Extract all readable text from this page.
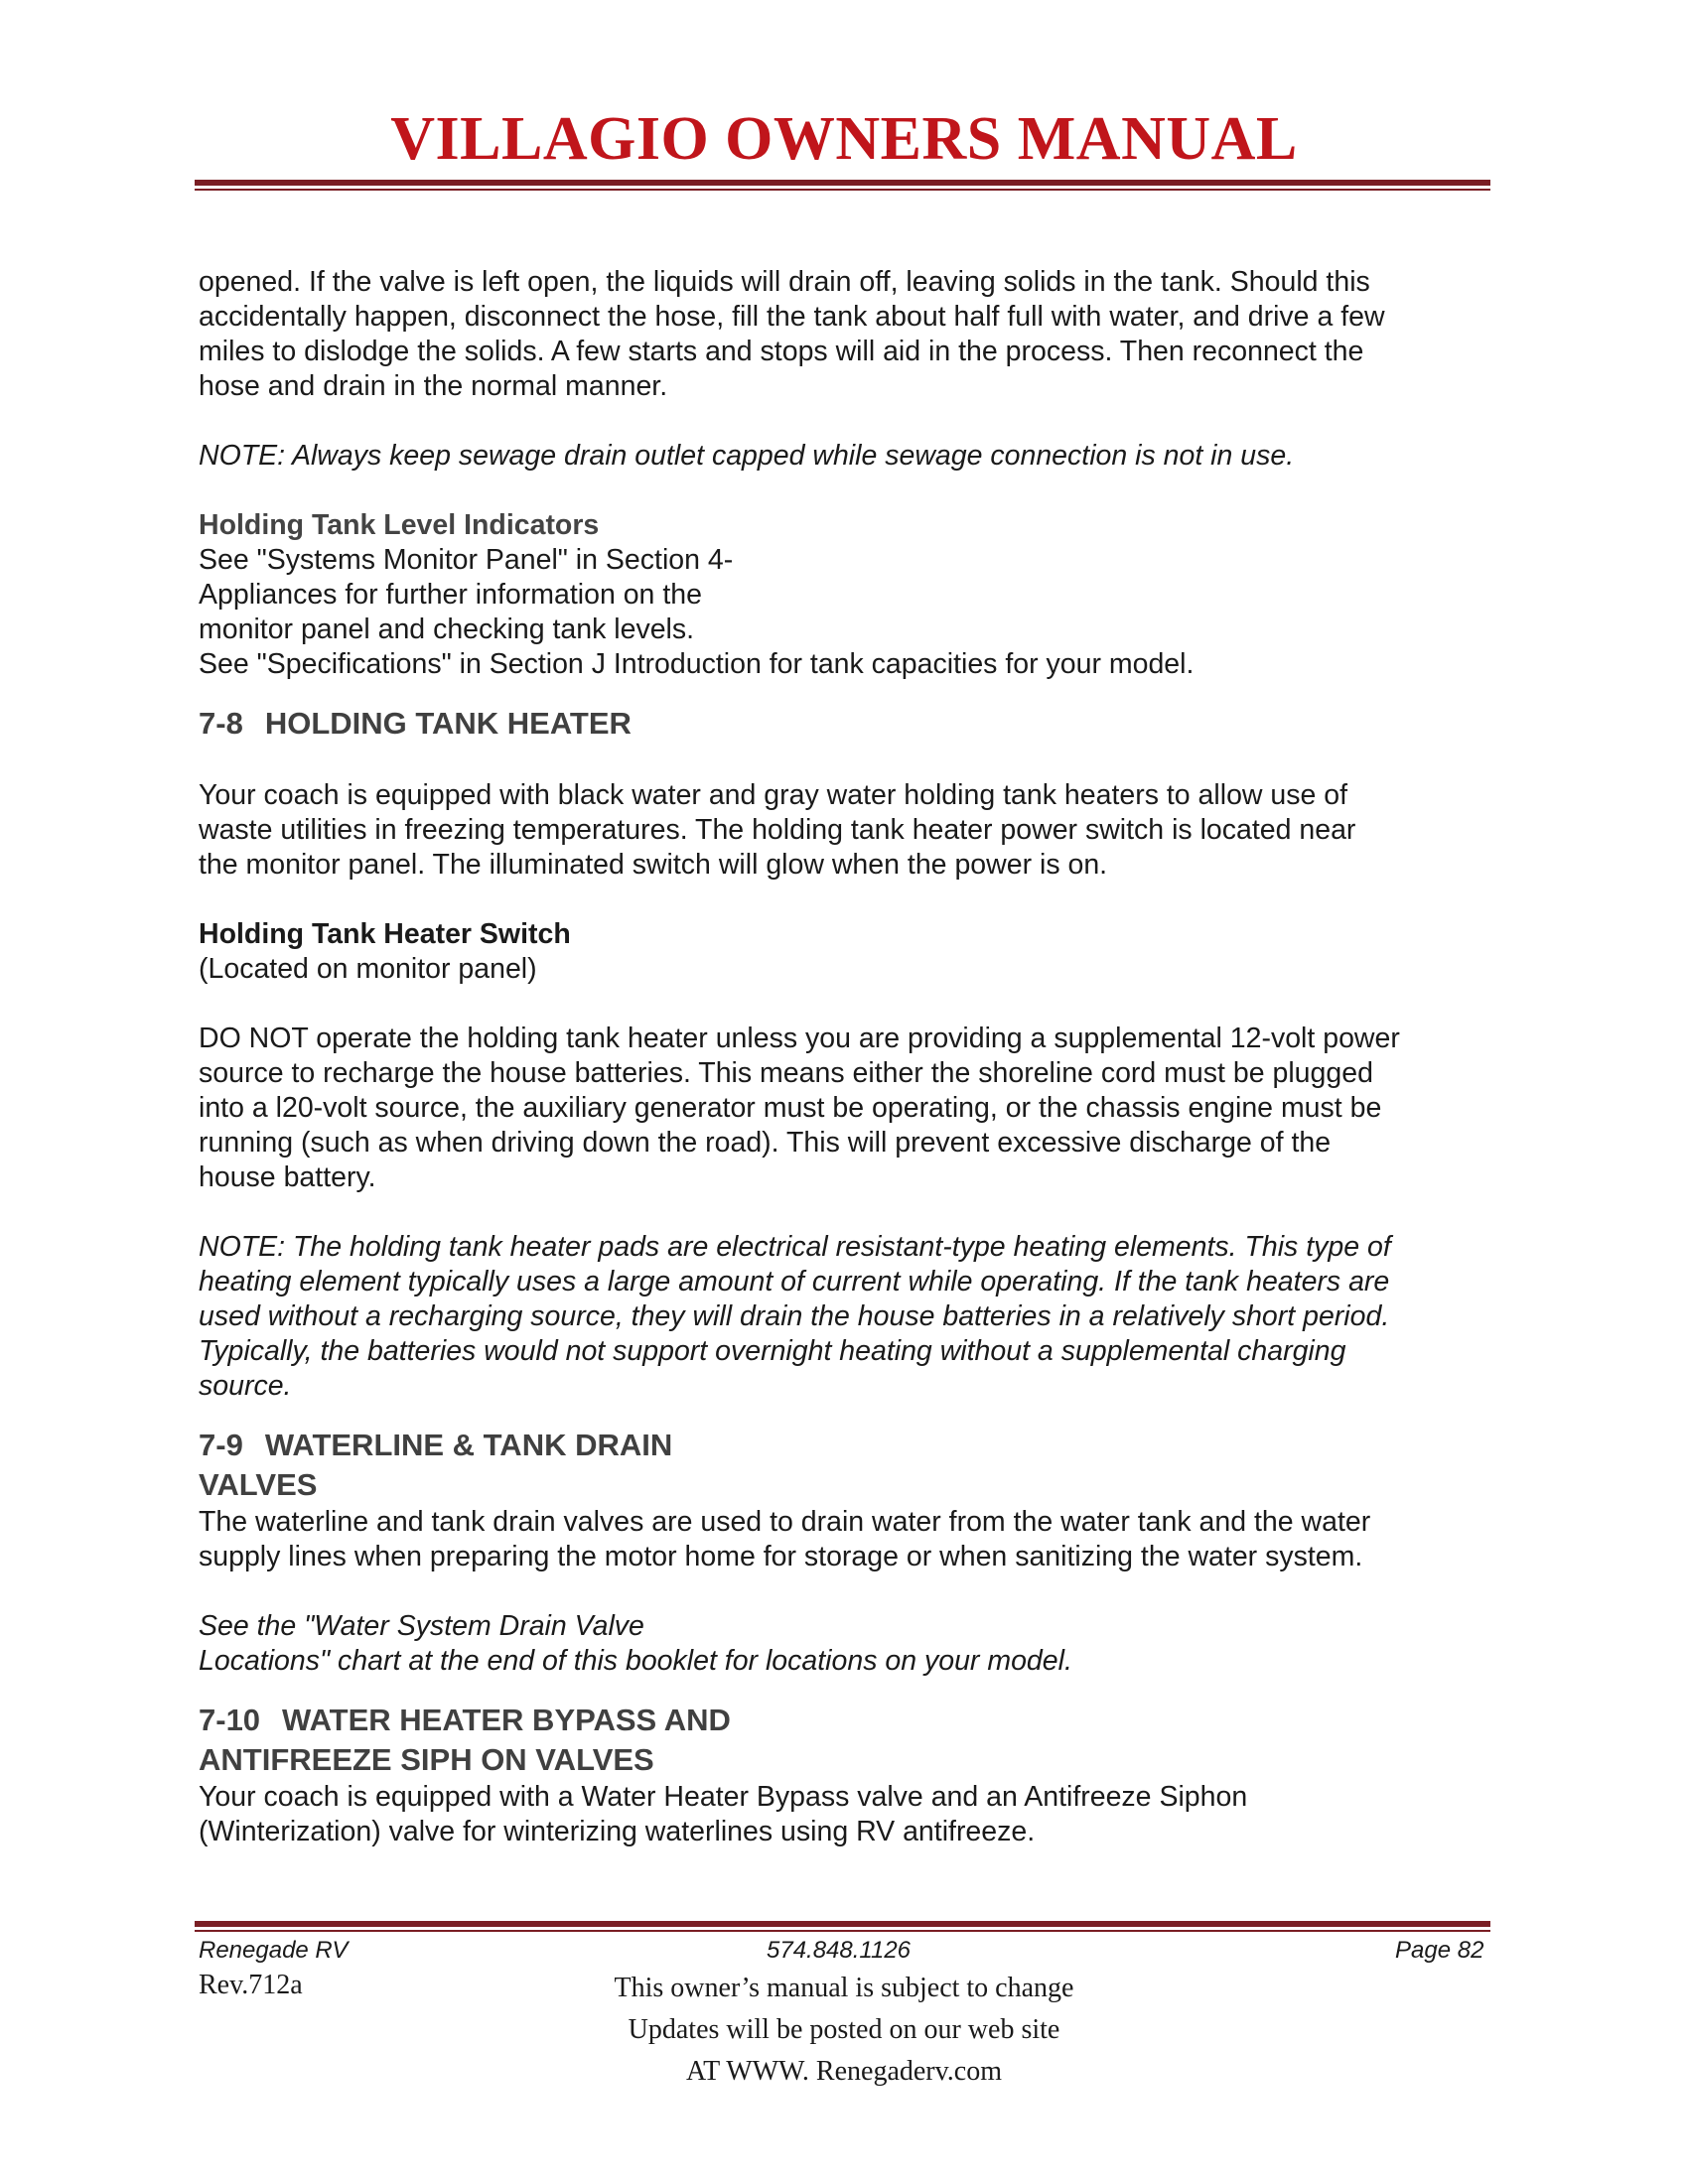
VILLAGIO OWNERS MANUAL

opened. If the valve is left open, the liquids will drain off, leaving solids in the tank. Should this

accidentally happen, disconnect the hose, fill the tank about half full with water, and drive a few

miles to dislodge the solids. A few starts and stops will aid in the process. Then reconnect the

hose and drain in the normal manner.

NOTE: Always keep sewage drain outlet capped while sewage connection is not in use.

Holding Tank Level Indicators

See "Systems Monitor Panel" in Section 4-

Appliances for further information on the

monitor panel and checking tank levels.

See "Specifications" in Section J Introduction for tank capacities for your model.

7-8 HOLDING TANK HEATER

Your coach is equipped with black water and gray water holding tank heaters to allow use of

waste utilities in freezing temperatures. The holding tank heater power switch is located near

the monitor panel. The illuminated switch will glow when the power is on.

Holding Tank Heater Switch

(Located on monitor panel)

DO NOT operate the holding tank heater unless you are providing a supplemental 12-volt power

source to recharge the house batteries. This means either the shoreline cord must be plugged

into a l20-volt source, the auxiliary generator must be operating, or the chassis engine must be

running (such as when driving down the road). This will prevent excessive discharge of the

house battery.

NOTE: The holding tank heater pads are electrical resistant-type heating elements. This type of

heating element typically uses a large amount of current while operating. If the tank heaters are

used without a recharging source, they will drain the house batteries in a relatively short period.

Typically, the batteries would not support overnight heating without a supplemental charging

source.

7-9 WATERLINE & TANK DRAIN

VALVES

The waterline and tank drain valves are used to drain water from the water tank and the water

supply lines when preparing the motor home for storage or when sanitizing the water system.

See the "Water System Drain Valve

Locations" chart at the end of this booklet for locations on your model.

7-10 WATER HEATER BYPASS AND

ANTIFREEZE SIPH ON VALVES

Your coach is equipped with a Water Heater Bypass valve and an Antifreeze Siphon

(Winterization) valve for winterizing waterlines using RV antifreeze.

Renegade RV	574.848.1126	Page 82
Rev.712a	This owner’s manual is subject to change
Updates will be posted on our web site
AT WWW. Renegaderv.com
